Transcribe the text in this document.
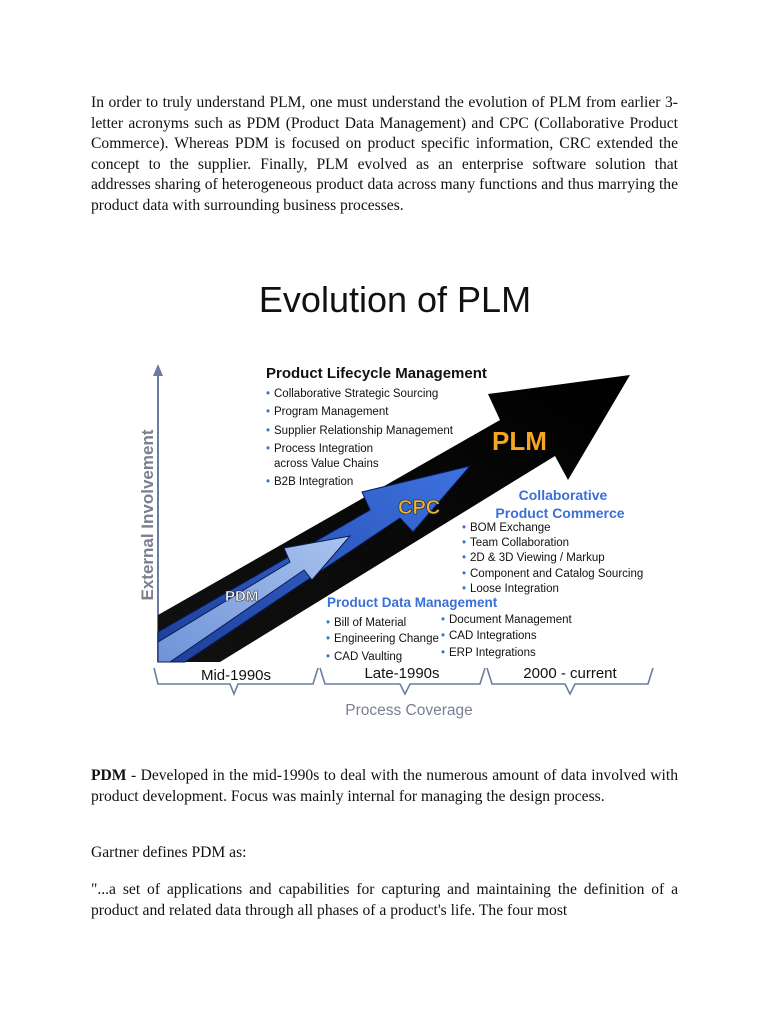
In order to truly understand PLM, one must understand the evolution of PLM from earlier 3-letter acronyms such as PDM (Product Data Management) and CPC (Collaborative Product Commerce). Whereas PDM is focused on product specific information, CRC extended the concept to the supplier. Finally, PLM evolved as an enterprise software solution that addresses sharing of heterogeneous product data across many functions and thus marrying the product data with surrounding business processes.

Evolution of PLM
External Involvement	PLM
CPC
PDM
Product Lifecycle Management
• Collaborative Strategic Sourcing
• Program Management
• Supplier Relationship Management
• Process Integration
across Value Chains
• B2B Integration
Collaborative
Product Commerce
• BOM Exchange
• Team Collaboration
• 2D & 3D Viewing / Markup
• Component and Catalog Sourcing
• Loose Integration
Product Data Management
• Bill of Material
• Engineering Change
• CAD Vaulting
• Document Management
• CAD Integrations
• ERP Integrations
Mid-1990s	Late-1990s	2000 - current
Process Coverage

PDM - Developed in the mid-1990s to deal with the numerous amount of data involved with product development. Focus was mainly internal for managing the design process.

Gartner defines PDM as:

"...a set of applications and capabilities for capturing and maintaining the definition of a product and related data through all phases of a product's life. The four most
